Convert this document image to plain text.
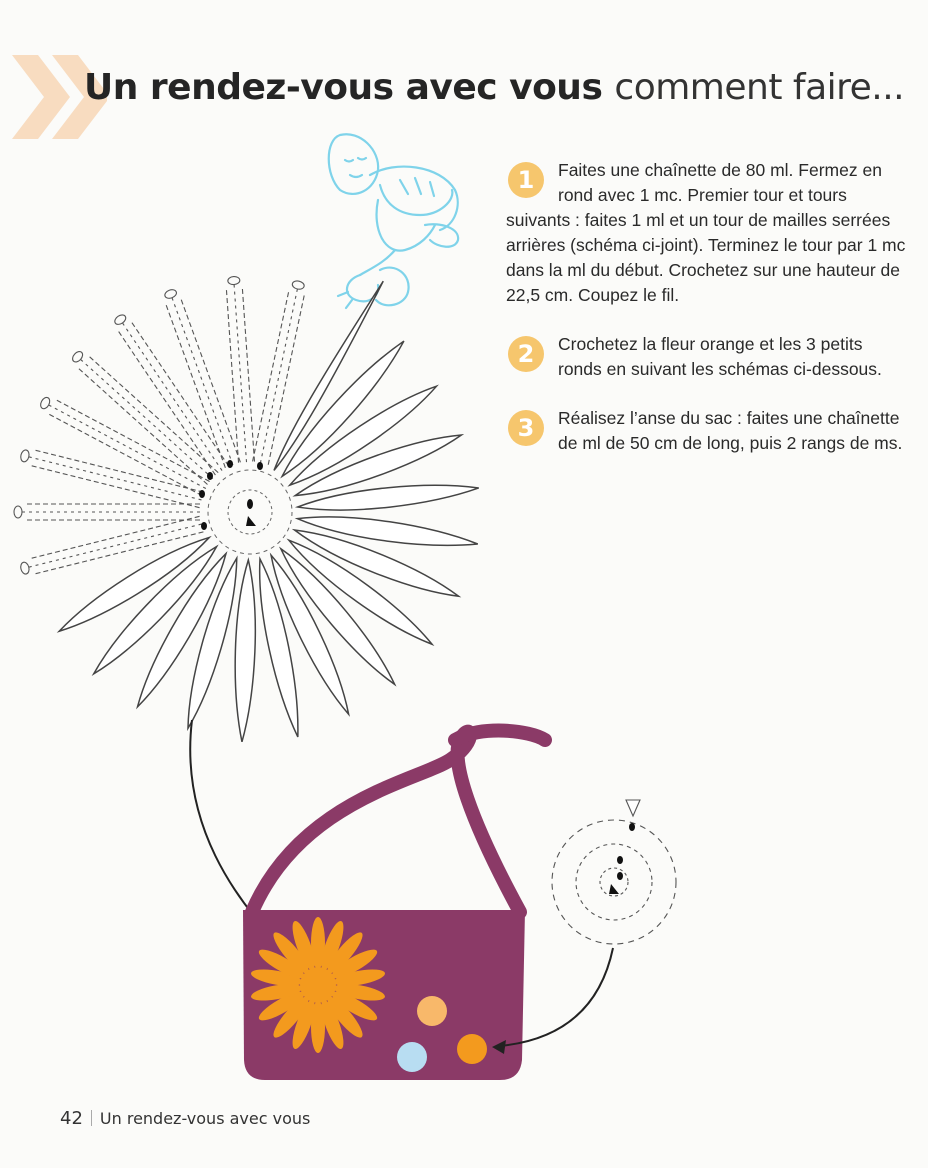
Un rendez-vous avec vous comment faire...
1	Faites une chaînette de 80 ml. Fermez en rond avec 1 mc. Premier tour et tours suivants : faites 1 ml et un tour de mailles serrées arrières (schéma ci-joint). Terminez le tour par 1 mc dans la ml du début. Crochetez sur une hauteur de 22,5 cm. Coupez le fil.

2	Crochetez la fleur orange et les 3 petits ronds en suivant les schémas ci-dessous.

3	Réalisez l’anse du sac : faites une chaînette de ml de 50 cm de long, puis 2 rangs de ms.

42 Un rendez-vous avec vous
